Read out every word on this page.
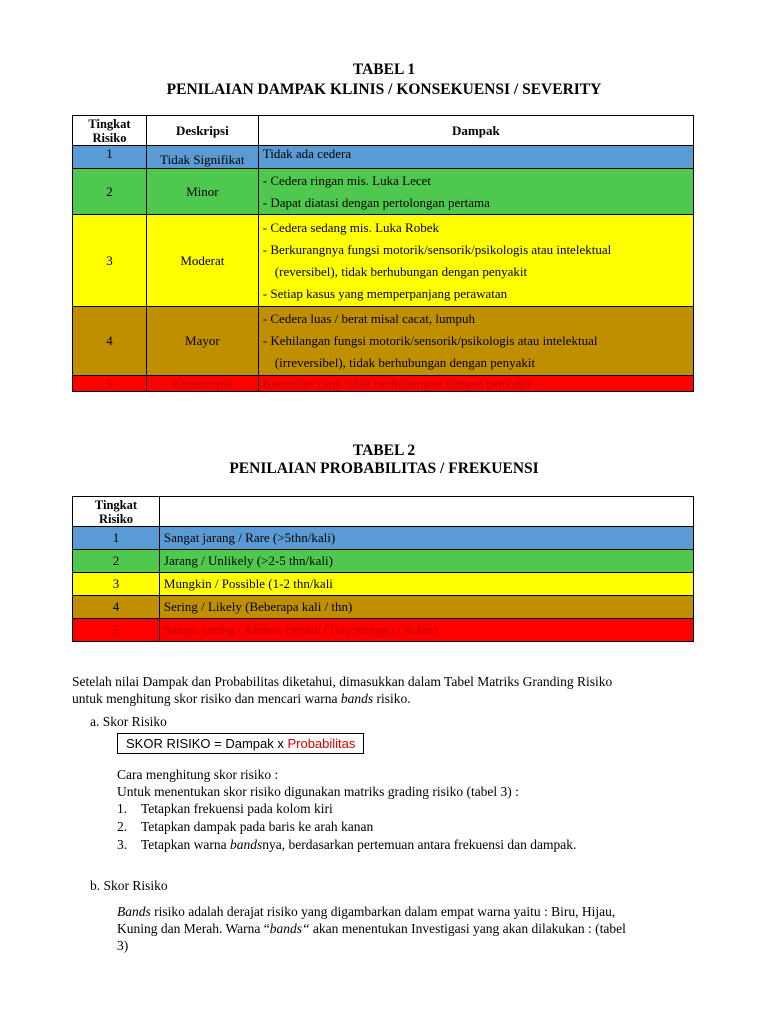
TABEL 1
PENILAIAN DAMPAK KLINIS / KONSEKUENSI / SEVERITY
Tingkat Risiko	Deskripsi	Dampak
1	Tidak Signifikat	Tidak ada cedera
2	Minor	- Cedera ringan mis. Luka Lecet
- Dapat diatasi dengan pertolongan pertama

3	Moderat	- Cedera sedang mis. Luka Robek
- Berkurangnya fungsi motorik/sensorik/psikologis atau intelektual
(reversibel), tidak berhubungan dengan penyakit
- Setiap kasus yang memperpanjang perawatan

4	Mayor	- Cedera luas / berat misal cacat, lumpuh
- Kehilangan fungsi motorik/sensorik/psikologis atau intelektual
(irreversibel), tidak berhubungan dengan penyakit

5	Katastropik	Kematian yang tidak berhubungan dengan penyakit
TABEL 2
PENILAIAN PROBABILITAS / FREKUENSI
Tingkat Risiko	
1	Sangat jarang / Rare (>5thn/kali)
2	Jarang / Unlikely (>2-5 thn/kali)
3	Mungkin / Possible (1-2 thn/kali
4	Sering / Likely (Beberapa kali / thn)
5	Sangat sering / Almost certain (Tiap minggu / bulan)
Setelah nilai Dampak dan Probabilitas diketahui, dimasukkan dalam Tabel Matriks Granding Risiko
untuk menghitung skor risiko dan mencari warna bands risiko.
a. Skor Risiko
SKOR RISIKO = Dampak x Probabilitas
Cara menghitung skor risiko :
Untuk menentukan skor risiko digunakan matriks grading risiko (tabel 3) :
1. Tetapkan frekuensi pada kolom kiri
2. Tetapkan dampak pada baris ke arah kanan
3. Tetapkan warna bandsnya, berdasarkan pertemuan antara frekuensi dan dampak.
b. Skor Risiko
Bands risiko adalah derajat risiko yang digambarkan dalam empat warna yaitu : Biru, Hijau,
Kuning dan Merah. Warna “bands“ akan menentukan Investigasi yang akan dilakukan : (tabel
3)
